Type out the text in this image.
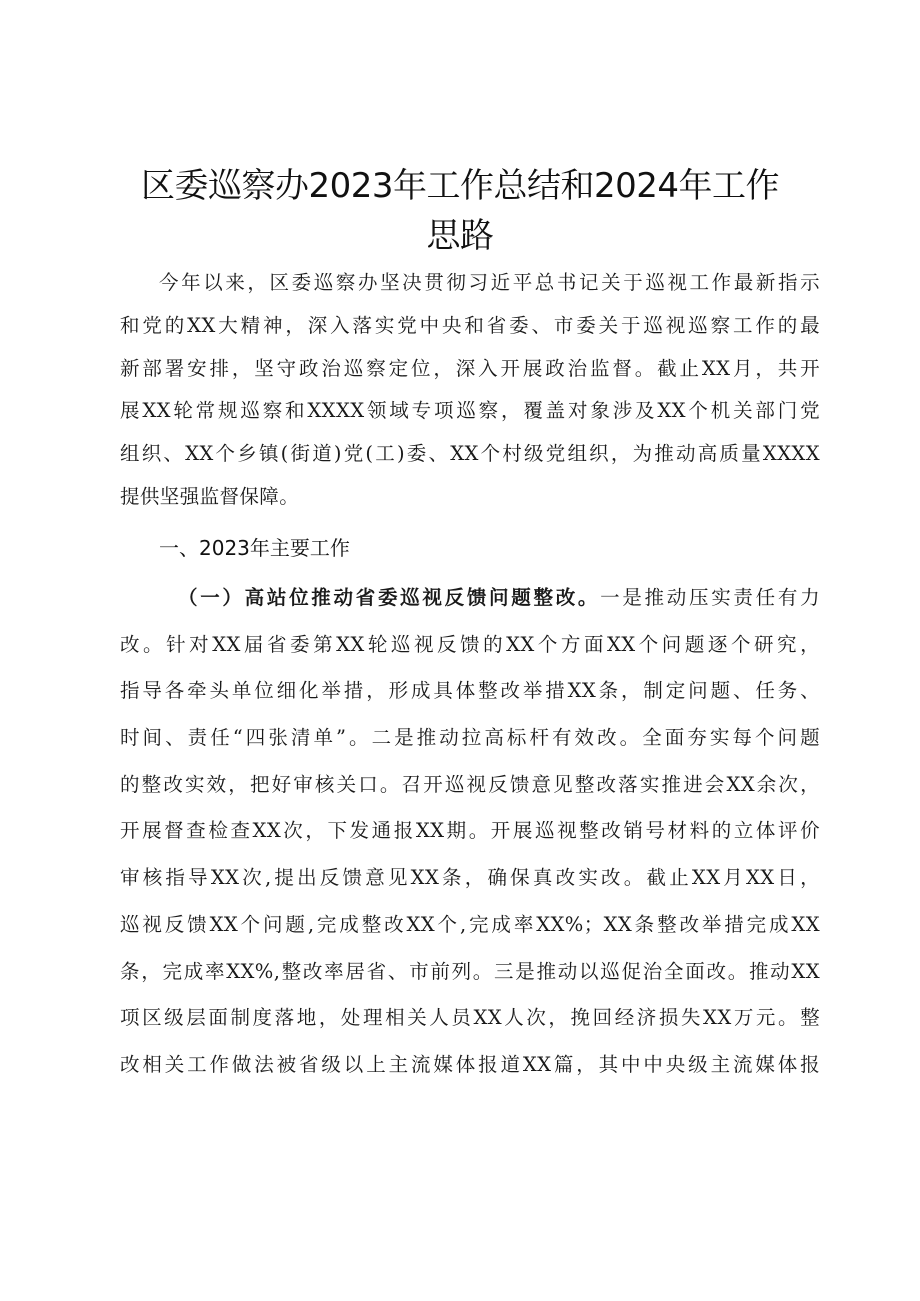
区委巡察办2023年工作总结和2024年工作
思路
今年以来，区委巡察办坚决贯彻习近平总书记关于巡视工作最新指示
和党的XX大精神，深入落实党中央和省委、市委关于巡视巡察工作的最
新部署安排，坚守政治巡察定位，深入开展政治监督。截止XX月，共开
展XX轮常规巡察和XXXX领域专项巡察，覆盖对象涉及XX个机关部门党
组织、XX个乡镇(街道)党(工)委、XX个村级党组织，为推动高质量XXXX
提供坚强监督保障。
一、2023年主要工作
（一）高站位推动省委巡视反馈问题整改。一是推动压实责任有力
改。针对XX届省委第XX轮巡视反馈的XX个方面XX个问题逐个研究，
指导各牵头单位细化举措，形成具体整改举措XX条，制定问题、任务、
时间、责任“四张清单”。二是推动拉高标杆有效改。全面夯实每个问题
的整改实效，把好审核关口。召开巡视反馈意见整改落实推进会XX余次，
开展督查检查XX次，下发通报XX期。开展巡视整改销号材料的立体评价
审核指导XX次,提出反馈意见XX条，确保真改实改。截止XX月XX日，
巡视反馈XX个问题,完成整改XX个,完成率XX%；XX条整改举措完成XX
条，完成率XX%,整改率居省、市前列。三是推动以巡促治全面改。推动XX
项区级层面制度落地，处理相关人员XX人次，挽回经济损失XX万元。整
改相关工作做法被省级以上主流媒体报道XX篇，其中中央级主流媒体报
